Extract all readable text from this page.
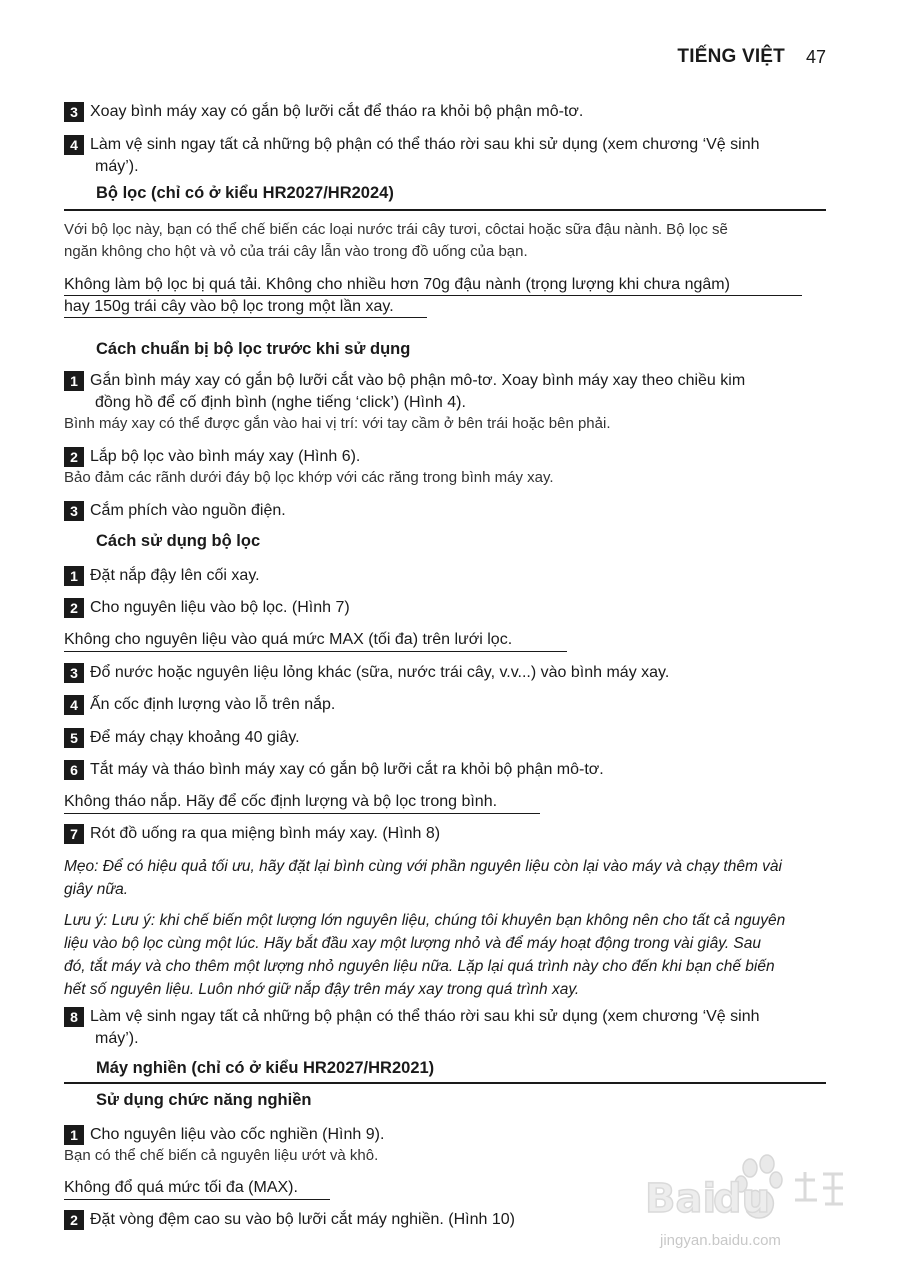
TIẾNG VIỆT 47
3 Xoay bình máy xay có gắn bộ lưỡi cắt để tháo ra khỏi bộ phận mô-tơ.
4 Làm vệ sinh ngay tất cả những bộ phận có thể tháo rời sau khi sử dụng (xem chương ‘Vệ sinh
máy’).
Bộ lọc (chỉ có ở kiểu HR2027/HR2024)
Với bộ lọc này, bạn có thể chế biến các loại nước trái cây tươi, côctai hoặc sữa đậu nành. Bộ lọc sẽ
ngăn không cho hột và vỏ của trái cây lẫn vào trong đồ uống của bạn.
Không làm bộ lọc bị quá tải. Không cho nhiều hơn 70g đậu nành (trọng lượng khi chưa ngâm)
hay 150g trái cây vào bộ lọc trong một lần xay.
Cách chuẩn bị bộ lọc trước khi sử dụng
1 Gắn bình máy xay có gắn bộ lưỡi cắt vào bộ phận mô-tơ. Xoay bình máy xay theo chiều kim
đồng hồ để cố định bình (nghe tiếng ‘click’) (Hình 4).
Bình máy xay có thể được gắn vào hai vị trí: với tay cầm ở bên trái hoặc bên phải.
2 Lắp bộ lọc vào bình máy xay (Hình 6).
Bảo đảm các rãnh dưới đáy bộ lọc khớp với các răng trong bình máy xay.
3 Cắm phích vào nguồn điện.
Cách sử dụng bộ lọc
1 Đặt nắp đậy lên cối xay.
2 Cho nguyên liệu vào bộ lọc. (Hình 7)
Không cho nguyên liệu vào quá mức MAX (tối đa) trên lưới lọc.
3 Đổ nước hoặc nguyên liệu lỏng khác (sữa, nước trái cây, v.v...) vào bình máy xay.
4 Ấn cốc định lượng vào lỗ trên nắp.
5 Để máy chạy khoảng 40 giây.
6 Tắt máy và tháo bình máy xay có gắn bộ lưỡi cắt ra khỏi bộ phận mô-tơ.
Không tháo nắp. Hãy để cốc định lượng và bộ lọc trong bình.
7 Rót đồ uống ra qua miệng bình máy xay. (Hình 8)
Mẹo: Để có hiệu quả tối ưu, hãy đặt lại bình cùng với phần nguyên liệu còn lại vào máy và chạy thêm vài
giây nữa.
Lưu ý: Lưu ý: khi chế biến một lượng lớn nguyên liệu, chúng tôi khuyên bạn không nên cho tất cả nguyên
liệu vào bộ lọc cùng một lúc. Hãy bắt đầu xay một lượng nhỏ và để máy hoạt động trong vài giây. Sau
đó, tắt máy và cho thêm một lượng nhỏ nguyên liệu nữa. Lặp lại quá trình này cho đến khi bạn chế biến
hết số nguyên liệu. Luôn nhớ giữ nắp đậy trên máy xay trong quá trình xay.
8 Làm vệ sinh ngay tất cả những bộ phận có thể tháo rời sau khi sử dụng (xem chương ‘Vệ sinh
máy’).
Máy nghiền (chỉ có ở kiểu HR2027/HR2021)
Sử dụng chức năng nghiền
1 Cho nguyên liệu vào cốc nghiền (Hình 9).
Bạn có thể chế biến cả nguyên liệu ướt và khô.
Không đổ quá mức tối đa (MAX).
2 Đặt vòng đệm cao su vào bộ lưỡi cắt máy nghiền. (Hình 10)	Bai
du
jingyan.baidu.com
